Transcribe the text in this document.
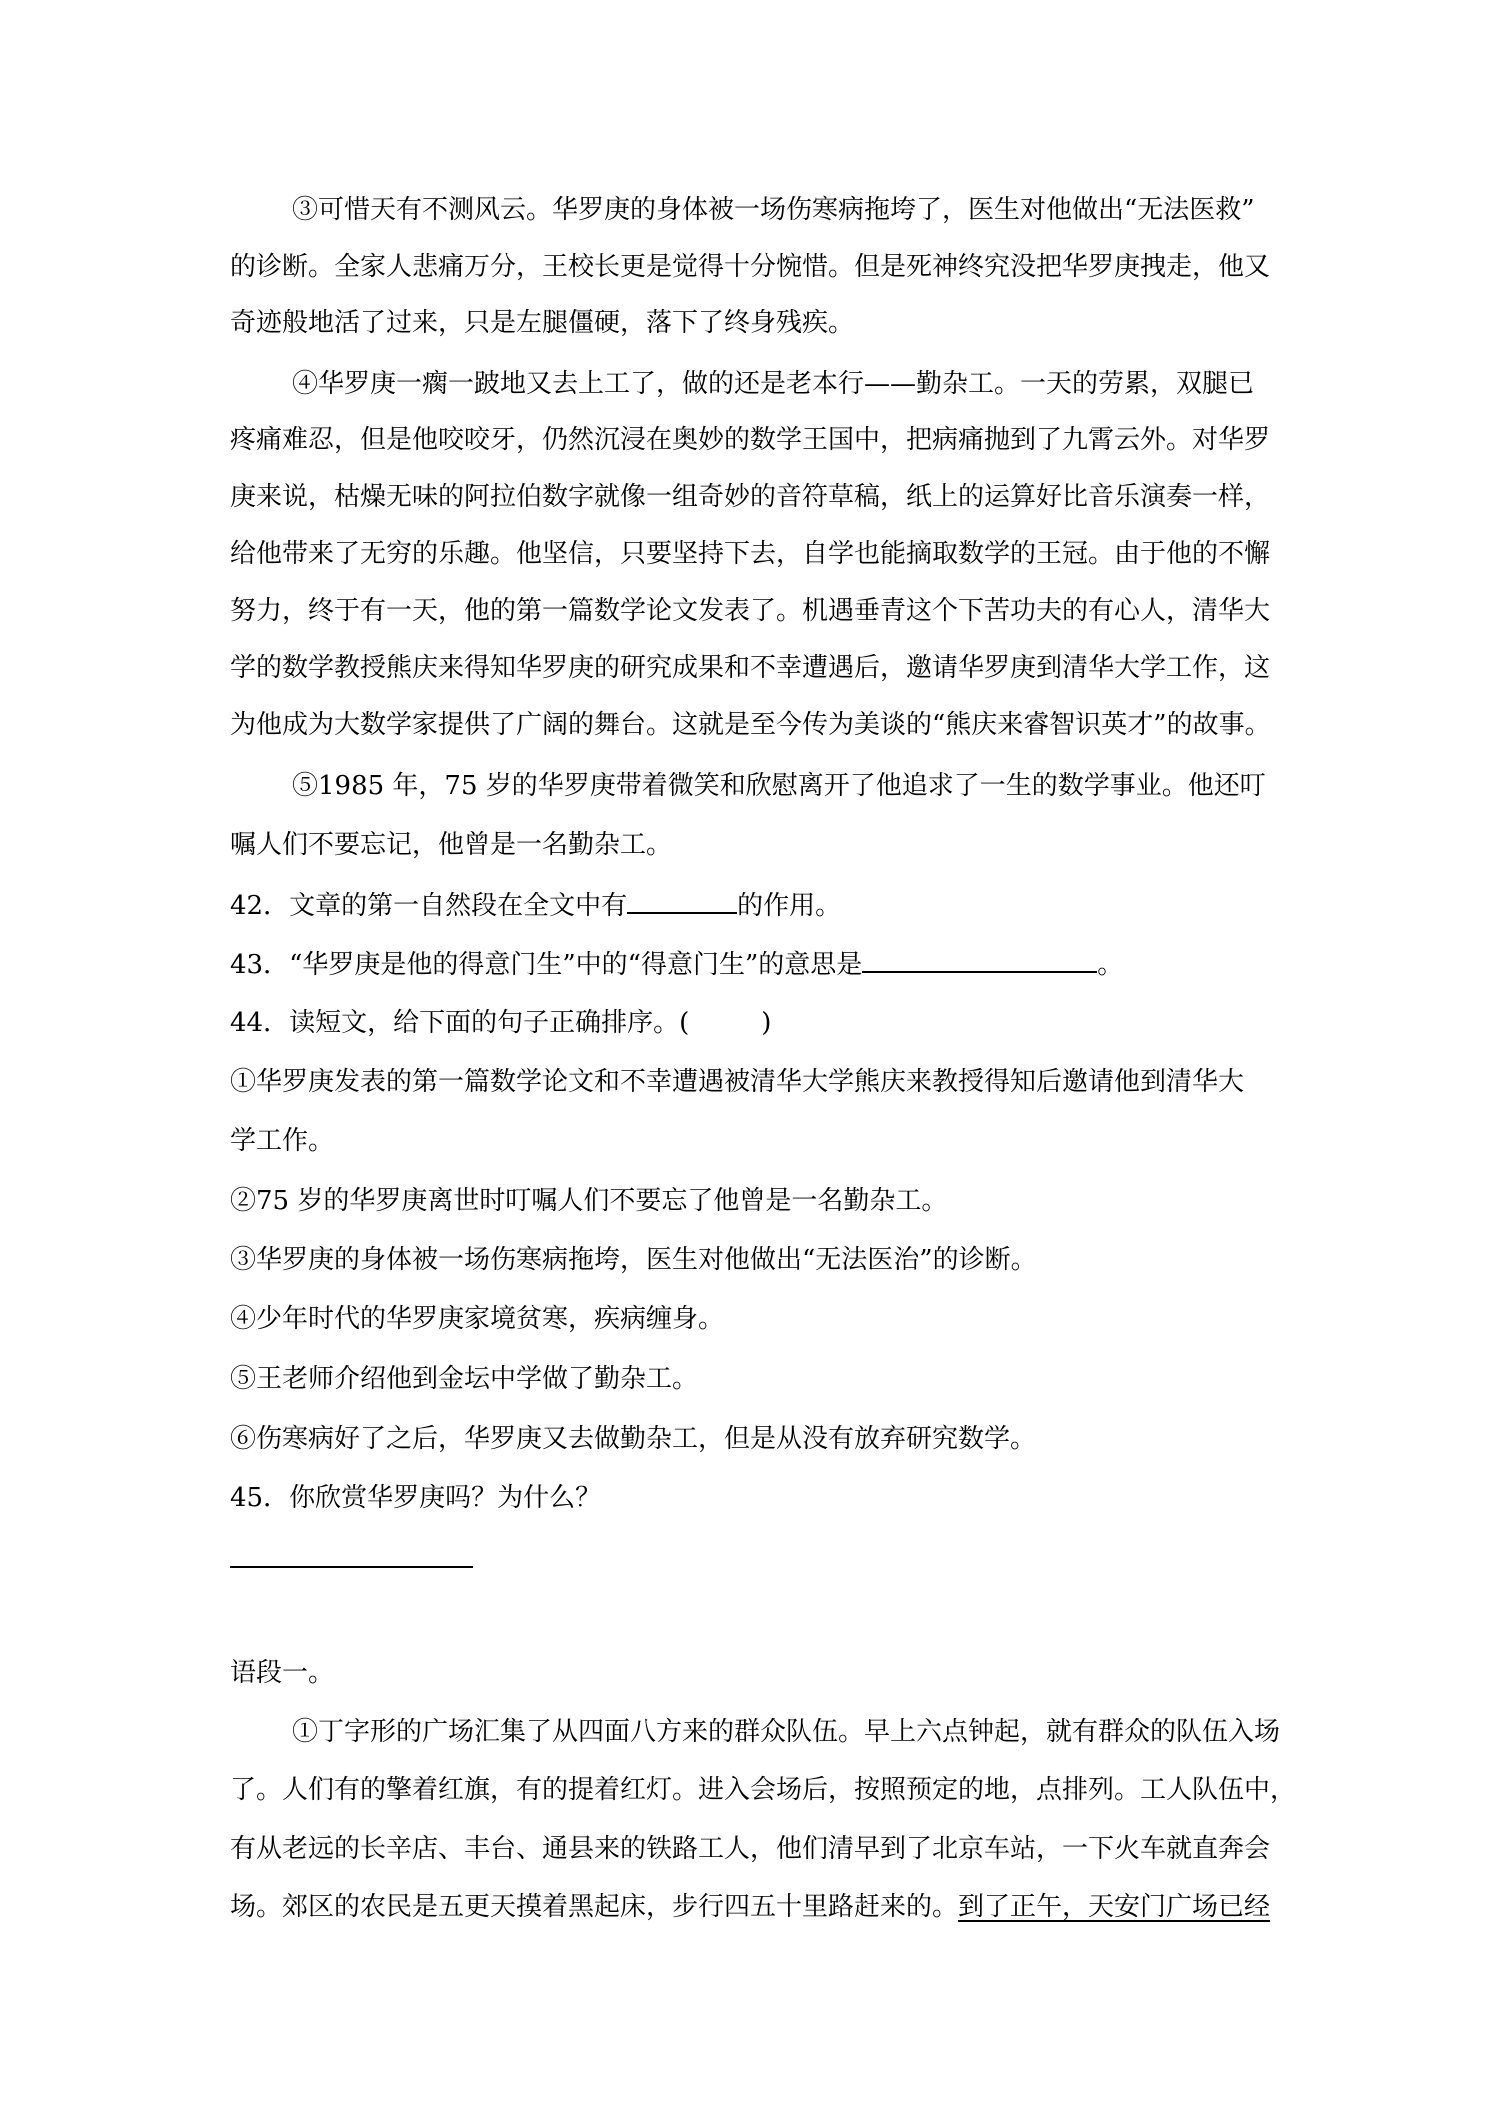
③可惜天有不测风云。华罗庚的身体被一场伤寒病拖垮了，医生对他做出“无法医救”
的诊断。全家人悲痛万分，王校长更是觉得十分惋惜。但是死神终究没把华罗庚拽走，他又
奇迹般地活了过来，只是左腿僵硬，落下了终身残疾。
④华罗庚一瘸一跛地又去上工了，做的还是老本行——勤杂工。一天的劳累，双腿已
疼痛难忍，但是他咬咬牙，仍然沉浸在奥妙的数学王国中，把病痛抛到了九霄云外。对华罗
庚来说，枯燥无味的阿拉伯数字就像一组奇妙的音符草稿，纸上的运算好比音乐演奏一样，
给他带来了无穷的乐趣。他坚信，只要坚持下去，自学也能摘取数学的王冠。由于他的不懈
努力，终于有一天，他的第一篇数学论文发表了。机遇垂青这个下苦功夫的有心人，清华大
学的数学教授熊庆来得知华罗庚的研究成果和不幸遭遇后，邀请华罗庚到清华大学工作，这
为他成为大数学家提供了广阔的舞台。这就是至今传为美谈的“熊庆来睿智识英才”的故事。
⑤1985 年，75 岁的华罗庚带着微笑和欣慰离开了他追求了一生的数学事业。他还叮
嘱人们不要忘记，他曾是一名勤杂工。
42．文章的第一自然段在全文中有	的作用。
43．“华罗庚是他的得意门生”中的“得意门生”的意思是	。
44．读短文，给下面的句子正确排序。(	)
①华罗庚发表的第一篇数学论文和不幸遭遇被清华大学熊庆来教授得知后邀请他到清华大
学工作。
②75 岁的华罗庚离世时叮嘱人们不要忘了他曾是一名勤杂工。
③华罗庚的身体被一场伤寒病拖垮，医生对他做出“无法医治”的诊断。
④少年时代的华罗庚家境贫寒，疾病缠身。
⑤王老师介绍他到金坛中学做了勤杂工。
⑥伤寒病好了之后，华罗庚又去做勤杂工，但是从没有放弃研究数学。
45．你欣赏华罗庚吗？为什么？
语段一。
①丁字形的广场汇集了从四面八方来的群众队伍。早上六点钟起，就有群众的队伍入场
了。人们有的擎着红旗，有的提着红灯。进入会场后，按照预定的地，点排列。工人队伍中，
有从老远的长辛店、丰台、通县来的铁路工人，他们清早到了北京车站，一下火车就直奔会
场。郊区的农民是五更天摸着黑起床，步行四五十里路赶来的。到了正午，天安门广场已经
